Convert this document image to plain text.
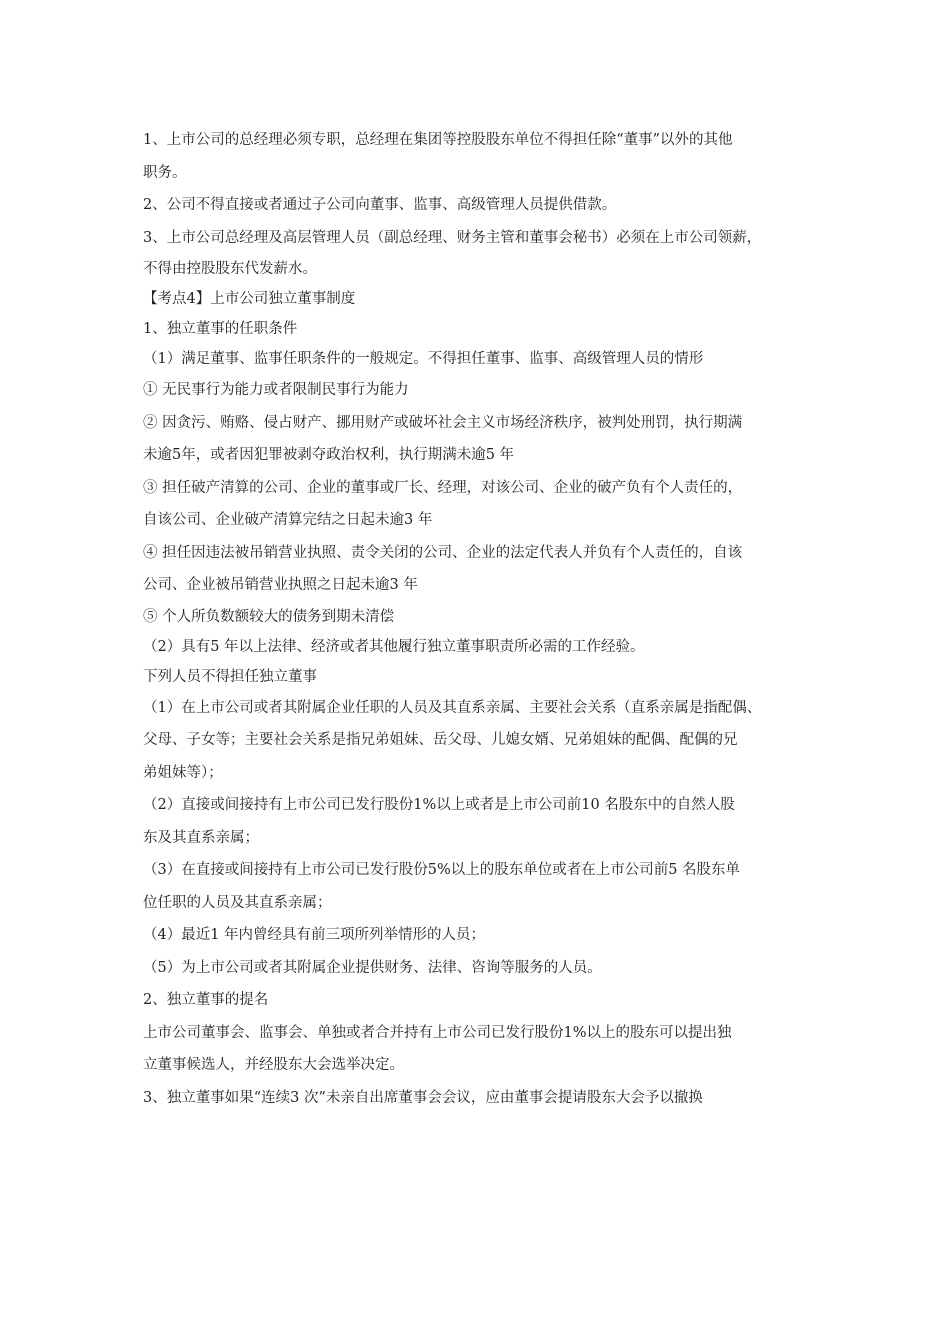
1、上市公司的总经理必须专职，总经理在集团等控股股东单位不得担任除“董事”以外的其他
职务。
2、公司不得直接或者通过子公司向董事、监事、高级管理人员提供借款。
3、上市公司总经理及高层管理人员（副总经理、财务主管和董事会秘书）必须在上市公司领薪，
不得由控股股东代发薪水。
【考点4】上市公司独立董事制度
1、独立董事的任职条件
（1）满足董事、监事任职条件的一般规定。不得担任董事、监事、高级管理人员的情形
① 无民事行为能力或者限制民事行为能力
② 因贪污、贿赂、侵占财产、挪用财产或破坏社会主义市场经济秩序，被判处刑罚，执行期满
未逾5年，或者因犯罪被剥夺政治权利，执行期满未逾5 年
③ 担任破产清算的公司、企业的董事或厂长、经理，对该公司、企业的破产负有个人责任的，
自该公司、企业破产清算完结之日起未逾3 年
④ 担任因违法被吊销营业执照、责令关闭的公司、企业的法定代表人并负有个人责任的，自该
公司、企业被吊销营业执照之日起未逾3 年
⑤ 个人所负数额较大的债务到期未清偿
（2）具有5 年以上法律、经济或者其他履行独立董事职责所必需的工作经验。
下列人员不得担任独立董事
（1）在上市公司或者其附属企业任职的人员及其直系亲属、主要社会关系（直系亲属是指配偶、
父母、子女等；主要社会关系是指兄弟姐妹、岳父母、儿媳女婿、兄弟姐妹的配偶、配偶的兄
弟姐妹等）；
（2）直接或间接持有上市公司已发行股份1%以上或者是上市公司前10 名股东中的自然人股
东及其直系亲属；
（3）在直接或间接持有上市公司已发行股份5%以上的股东单位或者在上市公司前5 名股东单
位任职的人员及其直系亲属；
（4）最近1 年内曾经具有前三项所列举情形的人员；
（5）为上市公司或者其附属企业提供财务、法律、咨询等服务的人员。
2、独立董事的提名
上市公司董事会、监事会、单独或者合并持有上市公司已发行股份1%以上的股东可以提出独
立董事候选人，并经股东大会选举决定。
3、独立董事如果“连续3 次”未亲自出席董事会会议，应由董事会提请股东大会予以撤换
